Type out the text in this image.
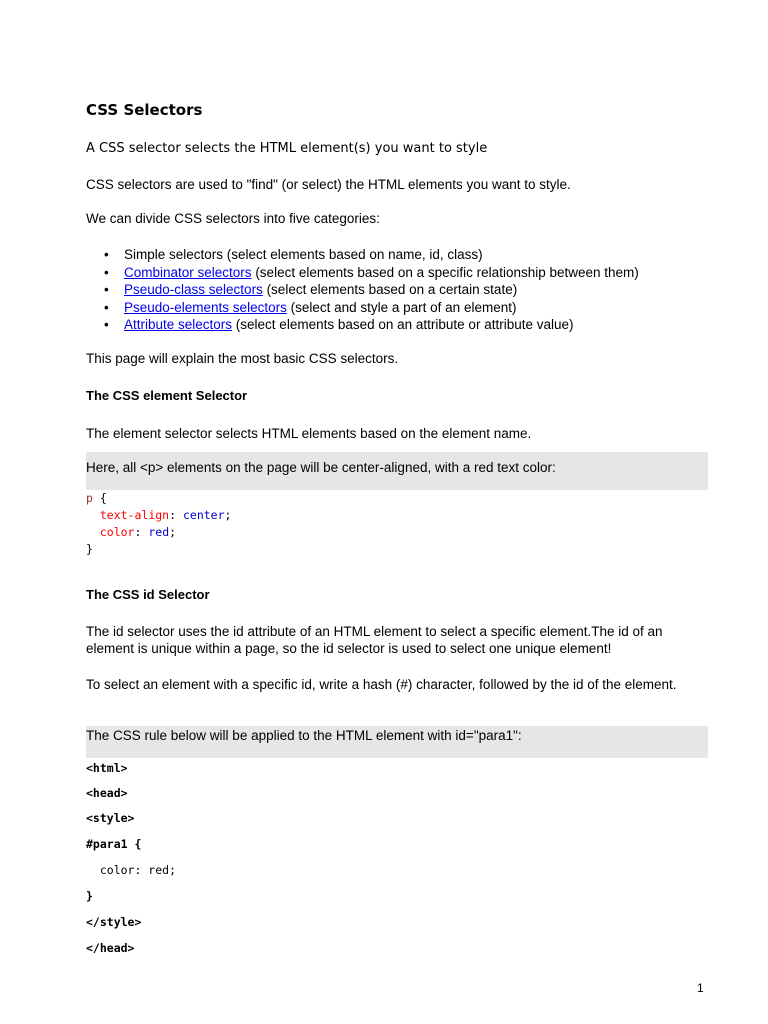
CSS Selectors

A CSS selector selects the HTML element(s) you want to style

CSS selectors are used to "find" (or select) the HTML elements you want to style.

We can divide CSS selectors into five categories:

• Simple selectors (select elements based on name, id, class)
• Combinator selectors (select elements based on a specific relationship between them)
• Pseudo-class selectors (select elements based on a certain state)
• Pseudo-elements selectors (select and style a part of an element)
• Attribute selectors (select elements based on an attribute or attribute value)

This page will explain the most basic CSS selectors.

The CSS element Selector

The element selector selects HTML elements based on the element name.

Here, all <p> elements on the page will be center-aligned, with a red text color:
p {
text-align: center;
color: red;
}
The CSS id Selector

The id selector uses the id attribute of an HTML element to select a specific element.The id of an element is unique within a page, so the id selector is used to select one unique element!

To select an element with a specific id, write a hash (#) character, followed by the id of the element.

The CSS rule below will be applied to the HTML element with id="para1":
<html>
<head>
<style>
#para1 {
color: red;
}
</style>
</head>
1
